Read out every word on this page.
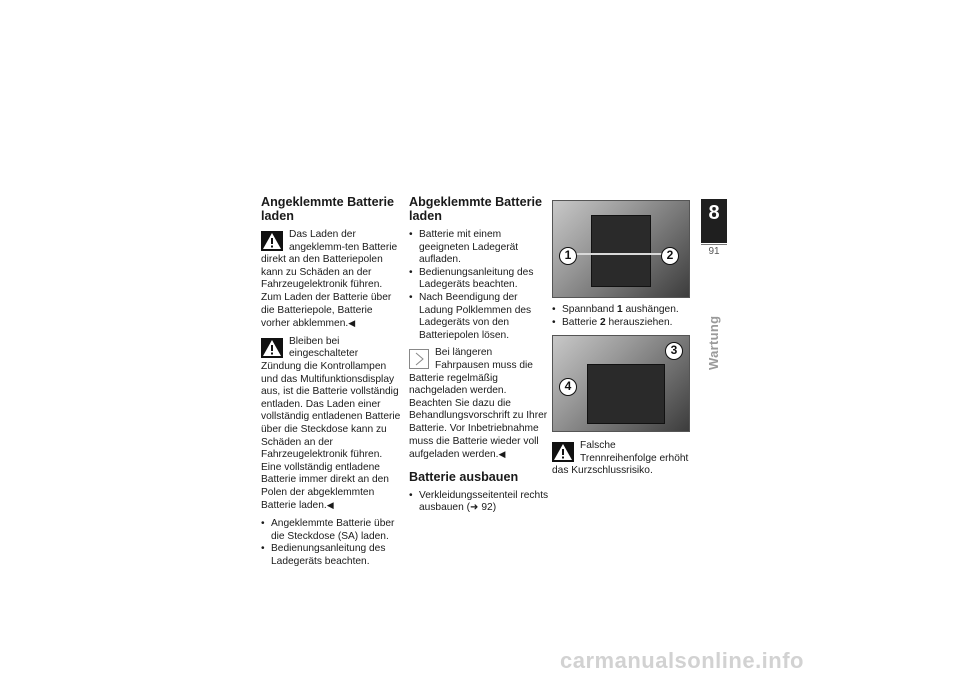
Angeklemmte Batterie laden

Das Laden der angeklemm-ten Batterie direkt an den Batteriepolen kann zu Schäden an der Fahrzeugelektronik führen.

Zum Laden der Batterie über die Batteriepole, Batterie vorher abklemmen.◀

Bleiben bei eingeschalteter Zündung die Kontrollampen und das Multifunktionsdisplay aus, ist die Batterie vollständig entladen. Das Laden einer vollständig entladenen Batterie über die Steckdose kann zu Schäden an der Fahrzeugelektronik führen.

Eine vollständig entladene Batterie immer direkt an den Polen der abgeklemmten Batterie laden.◀

• Angeklemmte Batterie über die Steckdose (SA) laden.
• Bedienungsanleitung des Ladegeräts beachten.
Abgeklemmte Batterie laden
• Batterie mit einem geeigneten Ladegerät aufladen.
• Bedienungsanleitung des Ladegeräts beachten.
• Nach Beendigung der Ladung Polklemmen des Ladegeräts von den Batteriepolen lösen.

Bei längeren Fahrpausen muss die Batterie regelmäßig nachgeladen werden. Beachten Sie dazu die Behandlungsvorschrift zu Ihrer Batterie. Vor Inbetriebnahme muss die Batterie wieder voll aufgeladen werden.◀

Batterie ausbauen
• Verkleidungsseitenteil rechts ausbauen (➜ 92)
1	2
• Spannband 1 aushängen.
• Batterie 2 herausziehen.
3
4

Falsche Trennreihenfolge erhöht das Kurzschlussrisiko.

8
91
Wartung
carmanualsonline.info
